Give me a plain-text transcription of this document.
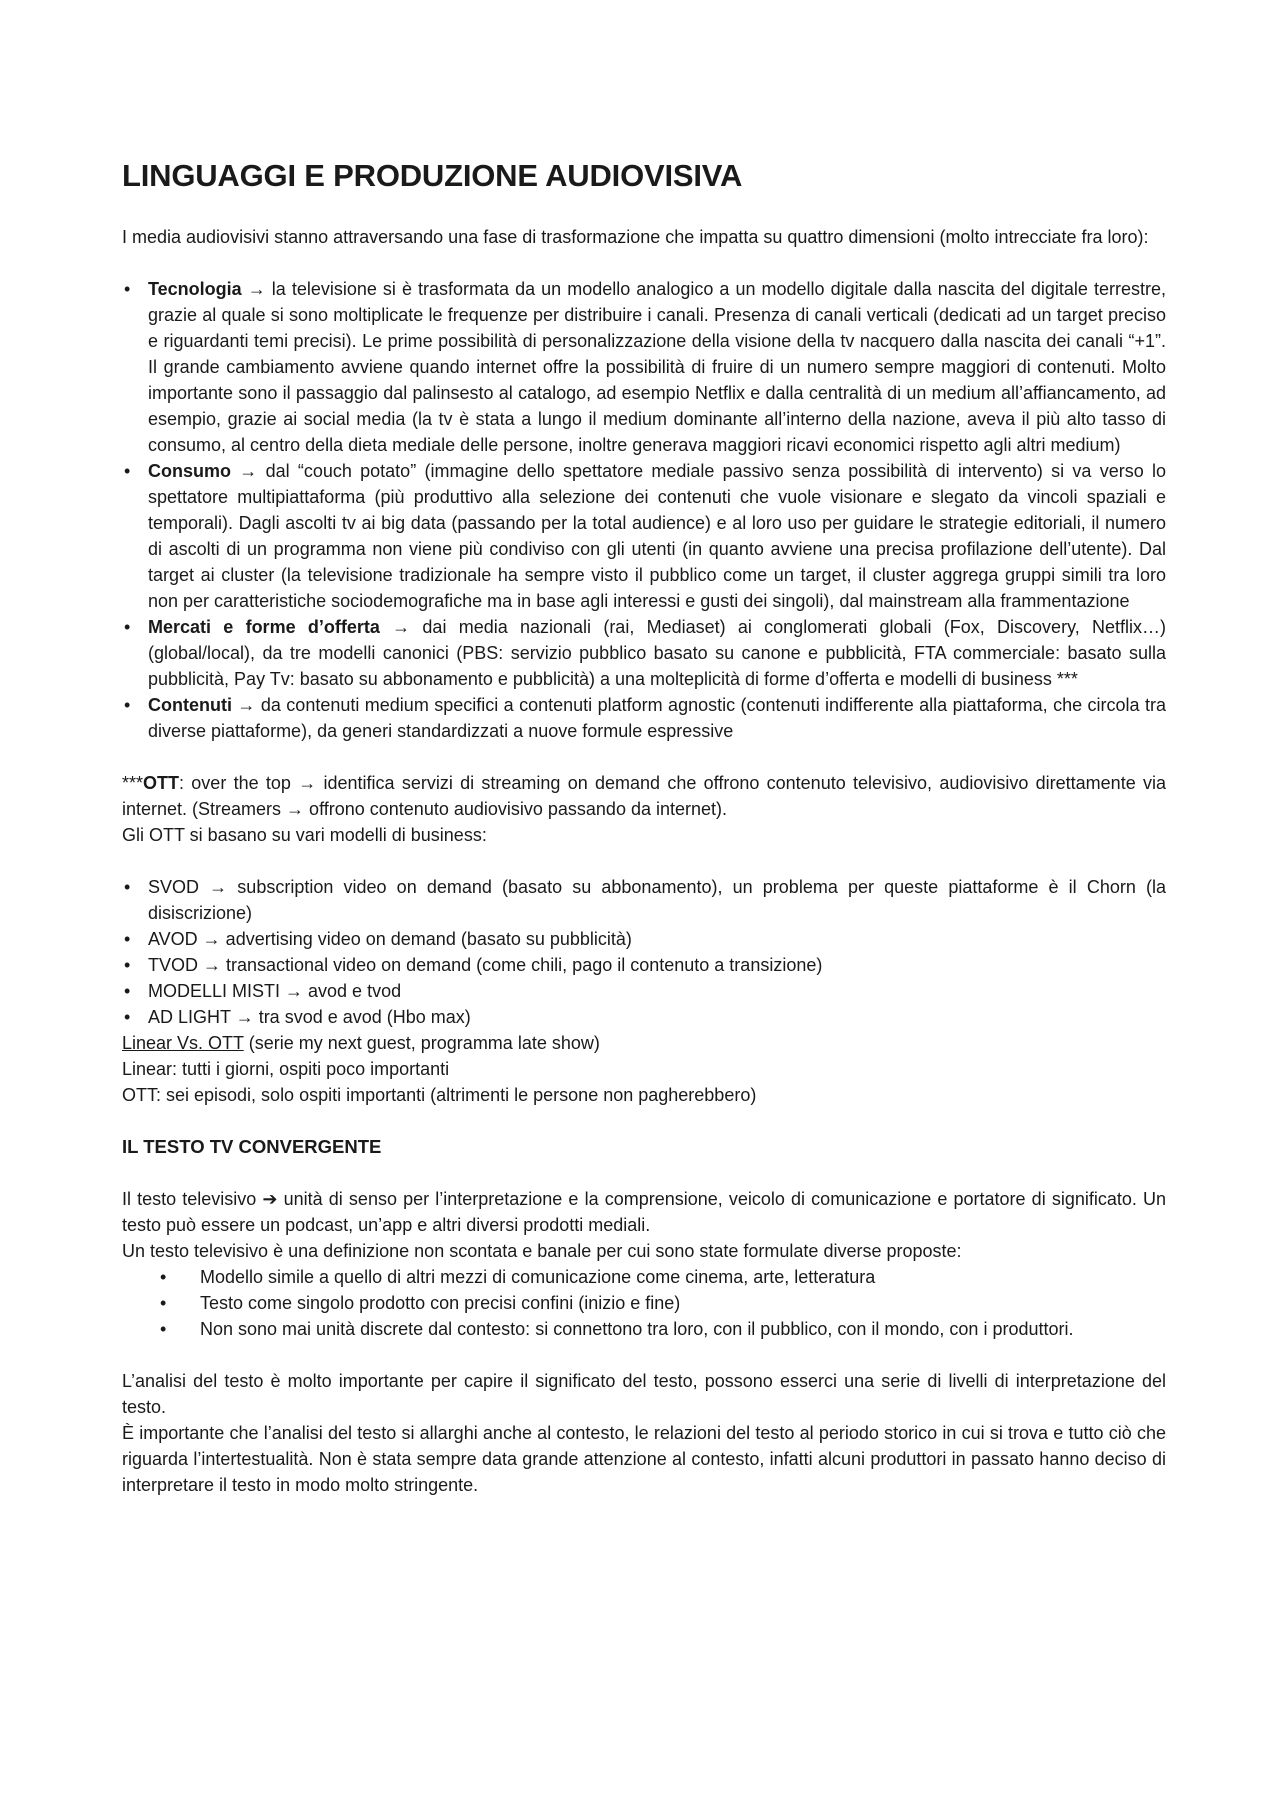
LINGUAGGI E PRODUZIONE AUDIOVISIVA

I media audiovisivi stanno attraversando una fase di trasformazione che impatta su quattro dimensioni (molto intrecciate fra loro):

• Tecnologia → la televisione si è trasformata da un modello analogico a un modello digitale dalla nascita del digitale terrestre, grazie al quale si sono moltiplicate le frequenze per distribuire i canali. Presenza di canali verticali (dedicati ad un target preciso e riguardanti temi precisi). Le prime possibilità di personalizzazione della visione della tv nacquero dalla nascita dei canali “+1”. Il grande cambiamento avviene quando internet offre la possibilità di fruire di un numero sempre maggiori di contenuti. Molto importante sono il passaggio dal palinsesto al catalogo, ad esempio Netflix e dalla centralità di un medium all’affiancamento, ad esempio, grazie ai social media (la tv è stata a lungo il medium dominante all’interno della nazione, aveva il più alto tasso di consumo, al centro della dieta mediale delle persone, inoltre generava maggiori ricavi economici rispetto agli altri medium)
• Consumo → dal “couch potato” (immagine dello spettatore mediale passivo senza possibilità di intervento) si va verso lo spettatore multipiattaforma (più produttivo alla selezione dei contenuti che vuole visionare e slegato da vincoli spaziali e temporali). Dagli ascolti tv ai big data (passando per la total audience) e al loro uso per guidare le strategie editoriali, il numero di ascolti di un programma non viene più condiviso con gli utenti (in quanto avviene una precisa profilazione dell’utente). Dal target ai cluster (la televisione tradizionale ha sempre visto il pubblico come un target, il cluster aggrega gruppi simili tra loro non per caratteristiche sociodemografiche ma in base agli interessi e gusti dei singoli), dal mainstream alla frammentazione
• Mercati e forme d’offerta → dai media nazionali (rai, Mediaset) ai conglomerati globali (Fox, Discovery, Netflix…) (global/local), da tre modelli canonici (PBS: servizio pubblico basato su canone e pubblicità, FTA commerciale: basato sulla pubblicità, Pay Tv: basato su abbonamento e pubblicità) a una molteplicità di forme d’offerta e modelli di business ***
• Contenuti → da contenuti medium specifici a contenuti platform agnostic (contenuti indifferente alla piattaforma, che circola tra diverse piattaforme), da generi standardizzati a nuove formule espressive

***OTT: over the top → identifica servizi di streaming on demand che offrono contenuto televisivo, audiovisivo direttamente via internet. (Streamers → offrono contenuto audiovisivo passando da internet).

Gli OTT si basano su vari modelli di business:

• SVOD → subscription video on demand (basato su abbonamento), un problema per queste piattaforme è il Chorn (la disiscrizione)
• AVOD → advertising video on demand (basato su pubblicità)
• TVOD → transactional video on demand (come chili, pago il contenuto a transizione)
• MODELLI MISTI → avod e tvod
• AD LIGHT → tra svod e avod (Hbo max)

Linear Vs. OTT (serie my next guest, programma late show)

Linear: tutti i giorni, ospiti poco importanti

OTT: sei episodi, solo ospiti importanti (altrimenti le persone non pagherebbero)

IL TESTO TV CONVERGENTE

Il testo televisivo ➔ unità di senso per l’interpretazione e la comprensione, veicolo di comunicazione e portatore di significato. Un testo può essere un podcast, un’app e altri diversi prodotti mediali.

Un testo televisivo è una definizione non scontata e banale per cui sono state formulate diverse proposte:

•	Modello simile a quello di altri mezzi di comunicazione come cinema, arte, letteratura
•	Testo come singolo prodotto con precisi confini (inizio e fine)
•	Non sono mai unità discrete dal contesto: si connettono tra loro, con il pubblico, con il mondo, con i produttori.

L’analisi del testo è molto importante per capire il significato del testo, possono esserci una serie di livelli di interpretazione del testo.

È importante che l’analisi del testo si allarghi anche al contesto, le relazioni del testo al periodo storico in cui si trova e tutto ciò che riguarda l’intertestualità. Non è stata sempre data grande attenzione al contesto, infatti alcuni produttori in passato hanno deciso di interpretare il testo in modo molto stringente.
